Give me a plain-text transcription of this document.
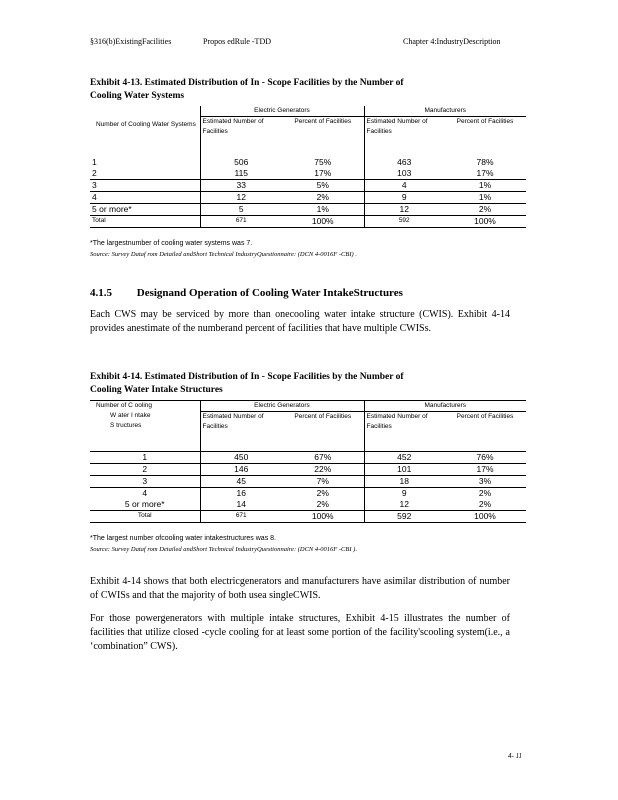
§316(b)ExistingFacilities	Propos edRule -TDD	Chapter 4:IndustryDescription
Exhibit 4-13. Estimated Distribution of In - Scope Facilities by the Number of
Cooling Water Systems
Number of Cooling Water Systems	Electric Generators		Manufacturers	
	Estimated Number of Facilities	Percent of Facilities	Estimated Number of Facilities	Percent of Facilities
1	506	75%	463	78%
2	115	17%	103	17%
3	33	5%	4	1%
4	12	2%	9	1%
5 or more*	5	1%	12	2%
Total	671	100%	592	100%
*The largestnumber of cooling water systems was 7.
Source: Survey Dataf rom Detailed andShort Technical IndustryQuestionnaire: (DCN 4-0016F -CBI) .
4.1.5 Designand Operation of Cooling Water IntakeStructures
Each CWS may be serviced by more than onecooling water intake structure (CWIS). Exhibit 4-14 provides anestimate of the numberand percent of facilities that have multiple CWISs.
Exhibit 4-14. Estimated Distribution of In - Scope Facilities by the Number of
Cooling Water Intake Structures
Number of C ooling
W ater I ntake
S tructures	Electric Generators		Manufacturers	
	Estimated Number of Facilities	Percent of Facilities	Estimated Number of Facilities	Percent of Facilities
1	450	67%	452	76%
2	146	22%	101	17%
3	45	7%	18	3%
4	16	2%	9	2%
5 or more*	14	2%	12	2%
Total	671	100%	592	100%
*The largest number ofcooling water intakestructures was 8.
Source: Survey Dataf rom Detailed andShort Technical IndustryQuestionnaire: (DCN 4-0016F -CBI ).
Exhibit 4-14 shows that both electricgenerators and manufacturers have asimilar distribution of number of CWISs and that the majority of both usea singleCWIS.
For those powergenerators with multiple intake structures, Exhibit 4-15 illustrates the number of facilities that utilize closed -cycle cooling for at least some portion of the facility'scooling system(i.e., a ‘combination” CWS).
4- 11
